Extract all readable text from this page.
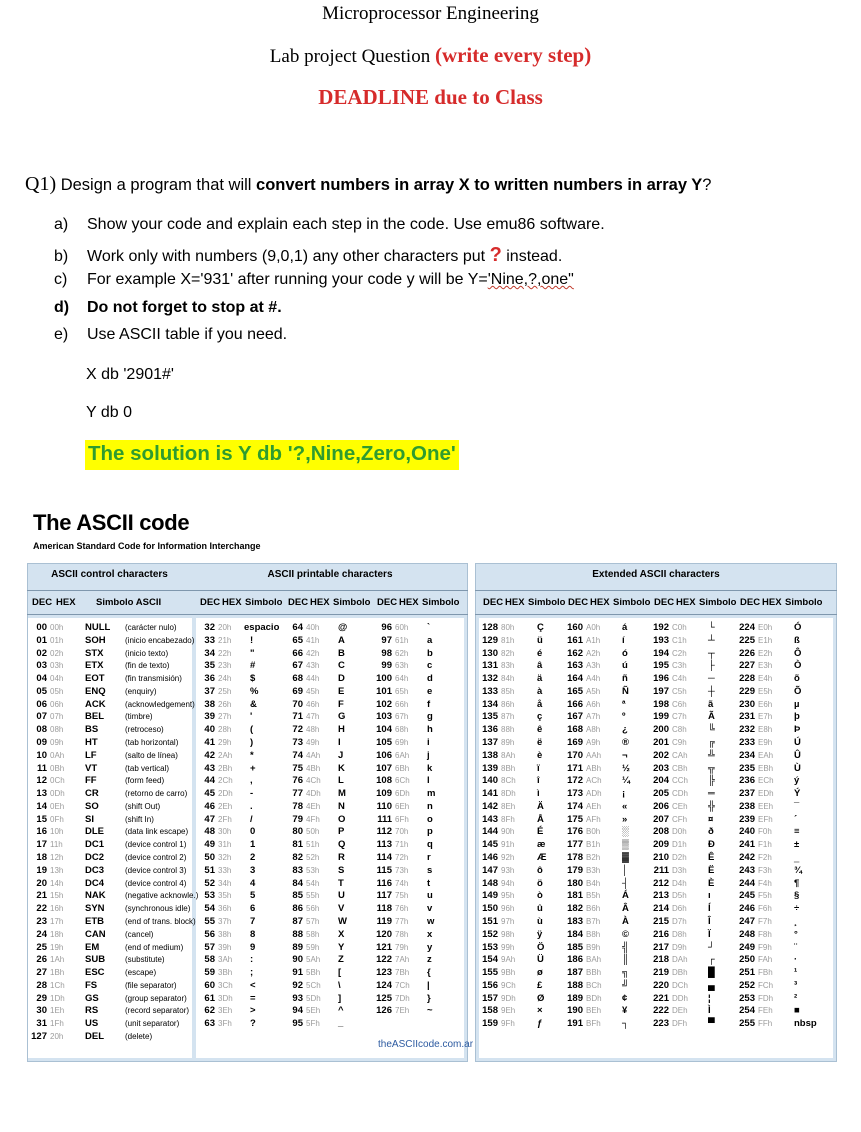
Microprocessor Engineering
Lab project Question (write every step)
DEADLINE due to Class
Q1) Design a program that will convert numbers in array X to written numbers in array Y?
a) Show your code and explain each step in the code. Use emu86 software.
b) Work only with numbers (9,0,1) any other characters put ? instead.
c) For example X='931' after running your code y will be Y='Nine,?,one"
d) Do not forget to stop at #.
e) Use ASCII table if you need.
X db '2901#'
Y db 0
The solution is Y db '?,Nine,Zero,One'
The ASCII code
American Standard Code for Information Interchange
ASCII control characters	ASCII printable characters	Extended ASCII characters
DEC HEX Simbolo ASCII
theASCIIcode.com.ar
DEC HEX Simbolo DEC HEX Simbolo DEC HEX Simbolo DEC HEX Simbolo DEC HEX Simbolo DEC HEX Simbolo DEC HEX Simbolo
00 00h NULL (carácter nulo)
01 01h SOH (inicio encabezado)
02 02h STX	(inicio texto)
03 03h ETX	(fin de texto)
04 04h EOT	(fin transmisión)
05 05h ENQ (enquiry)
06 06h ACK (acknowledgement)
07 07h BEL	(timbre)
08 08h BS	(retroceso)
09 09h HT	(tab horizontal)
10 0Ah LF	(salto de línea)
11 0Bh VT	(tab vertical)
12 0Ch FF	(form feed)
13 0Dh CR	(retorno de carro)
14 0Eh SO	(shift Out)
15 0Fh SI	(shift In)
16 10h DLE	(data link escape)
17 11h DC1	(device control 1)
18 12h DC2	(device control 2)
19 13h DC3	(device control 3)
20 14h DC4	(device control 4)
21 15h NAK (negative acknowle.)
22 16h SYN	(synchronous idle)
23 17h ETB	(end of trans. block)
24 18h CAN (cancel)
25 19h EM	(end of medium)
26 1Ah SUB (substitute)
27 1Bh ESC	(escape)
28 1Ch FS	(file separator)
29 1Dh GS	(group separator)
30 1Eh RS	(record separator)
31 1Fh US	(unit separator)
127 20h DEL	(delete)
32 20h espacio
33 21h !
34 22h "
35 23h #
36 24h $
37 25h %
38 26h &
39 27h '
40 28h (
41 29h )
42 2Ah *
43 2Bh +
44 2Ch ,
45 2Dh -
46 2Eh .
47 2Fh /
48 30h 0
49 31h 1
50 32h 2
51 33h 3
52 34h 4
53 35h 5
54 36h 6
55 37h 7
56 38h 8
57 39h 9
58 3Ah :
59 3Bh ;
60 3Ch <
61 3Dh =
62 3Eh >
63 3Fh ?
64 40h @
65 41h A
66 42h B
67 43h C
68 44h D
69 45h E
70 46h F
71 47h G
72 48h H
73 49h I
74 4Ah J
75 4Bh K
76 4Ch L
77 4Dh M
78 4Eh N
79 4Fh O
80 50h P
81 51h Q
82 52h R
83 53h S
84 54h T
85 55h U
86 56h V
87 57h W
88 58h X
89 59h Y
90 5Ah Z
91 5Bh [
92 5Ch \
93 5Dh ]
94 5Eh ^
95 5Fh _
96 60h `
97 61h a
98 62h b
99 63h c
100 64h d
101 65h e
102 66h f
103 67h g
104 68h h
105 69h i
106 6Ah j
107 6Bh k
108 6Ch l
109 6Dh m
110 6Eh n
111 6Fh o
112 70h p
113 71h q
114 72h r
115 73h s
116 74h t
117 75h u
118 76h v
119 77h w
120 78h x
121 79h y
122 7Ah z
123 7Bh {
124 7Ch |
125 7Dh }
126 7Eh ~
128 80h Ç
129 81h ü
130 82h é
131 83h â
132 84h ä
133 85h à
134 86h å
135 87h ç
136 88h ê
137 89h ë
138 8Ah è
139 8Bh ï
140 8Ch î
141 8Dh ì
142 8Eh Ä
143 8Fh Å
144 90h É
145 91h æ
146 92h Æ
147 93h ô
148 94h ö
149 95h ò
150 96h û
151 97h ù
152 98h ÿ
153 99h Ö
154 9Ah Ü
155 9Bh ø
156 9Ch £
157 9Dh Ø
158 9Eh ×
159 9Fh ƒ
160 A0h á
161 A1h í
162 A2h ó
163 A3h ú
164 A4h ñ
165 A5h Ñ
166 A6h ª
167 A7h º
168 A8h ¿
169 A9h ®
170 AAh ¬
171 ABh ½
172 ACh ¼
173 ADh ¡
174 AEh «
175 AFh »
176 B0h ░
177 B1h ▒
178 B2h ▓
179 B3h │
180 B4h ┤
181 B5h Á
182 B6h Â
183 B7h À
184 B8h ©
185 B9h ╣
186 BAh ║
187 BBh ╗
188 BCh ╝
189 BDh ¢
190 BEh ¥
191 BFh ┐
192 C0h └
193 C1h ┴
194 C2h ┬
195 C3h ├
196 C4h ─
197 C5h ┼
198 C6h ã
199 C7h Ã
200 C8h ╚
201 C9h ╔
202 CAh ╩
203 CBh ╦
204 CCh ╠
205 CDh ═
206 CEh ╬
207 CFh ¤
208 D0h ð
209 D1h Ð
210 D2h Ê
211 D3h Ë
212 D4h È
213 D5h ı
214 D6h Í
215 D7h Î
216 D8h Ï
217 D9h ┘
218 DAh ┌
219 DBh █
220 DCh ▄
221 DDh ¦
222 DEh Ì
223 DFh ▀
224 E0h Ó
225 E1h ß
226 E2h Ô
227 E3h Ò
228 E4h õ
229 E5h Õ
230 E6h µ
231 E7h þ
232 E8h Þ
233 E9h Ú
234 EAh Û
235 EBh Ù
236 ECh ý
237 EDh Ý
238 EEh ¯
239 EFh ´
240 F0h ≡
241 F1h ±
242 F2h ‗
243 F3h ¾
244 F4h ¶
245 F5h §
246 F6h ÷
247 F7h ¸
248 F8h °
249 F9h ¨
250 FAh ·
251 FBh ¹
252 FCh ³
253 FDh ²
254 FEh ■
255 FFh nbsp
